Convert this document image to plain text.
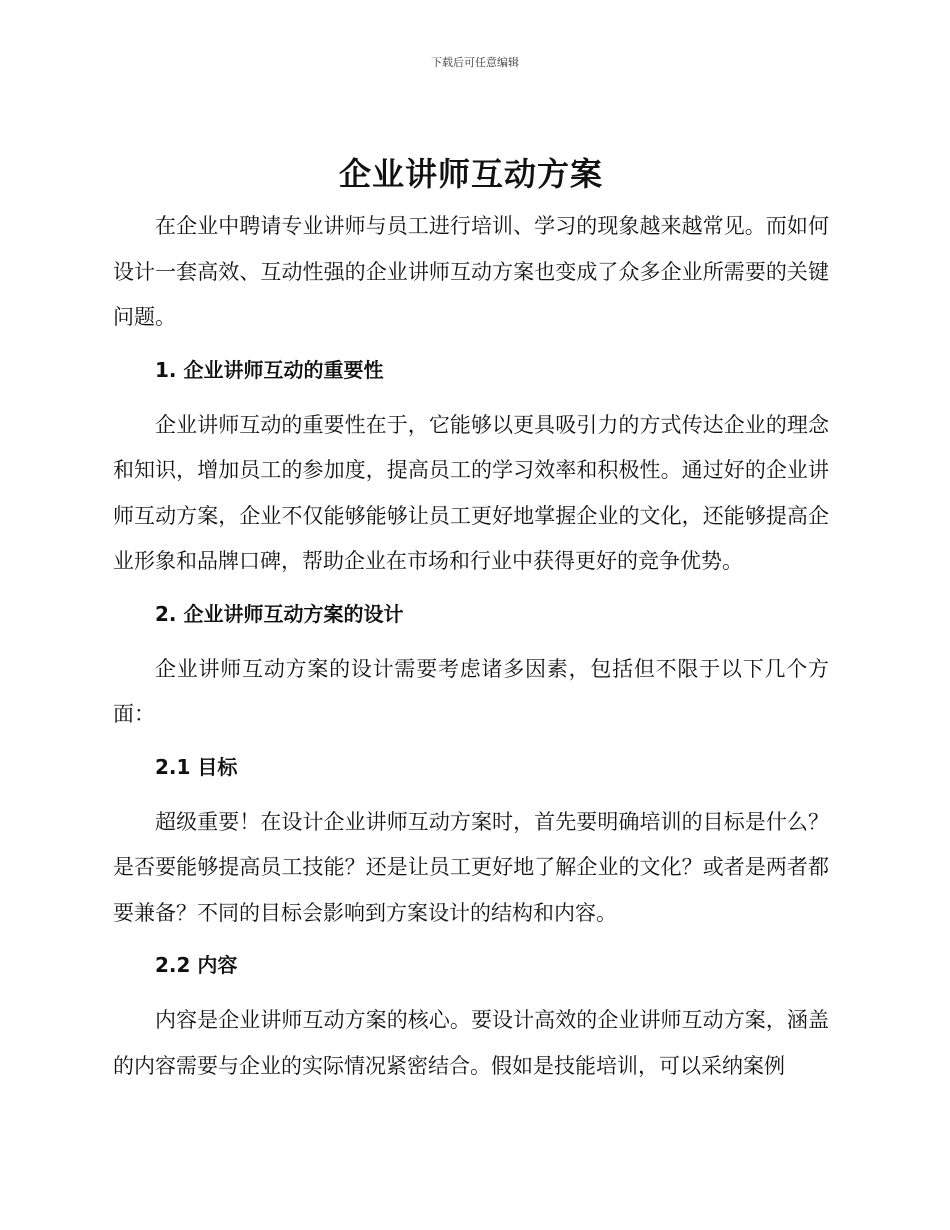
下载后可任意编辑
企业讲师互动方案

在企业中聘请专业讲师与员工进行培训、学习的现象越来越常见。而如何设计一套高效、互动性强的企业讲师互动方案也变成了众多企业所需要的关键问题。

1. 企业讲师互动的重要性

企业讲师互动的重要性在于，它能够以更具吸引力的方式传达企业的理念和知识，增加员工的参加度，提高员工的学习效率和积极性。通过好的企业讲师互动方案，企业不仅能够能够让员工更好地掌握企业的文化，还能够提高企业形象和品牌口碑，帮助企业在市场和行业中获得更好的竞争优势。

2. 企业讲师互动方案的设计

企业讲师互动方案的设计需要考虑诸多因素，包括但不限于以下几个方面：

2.1 目标

超级重要！在设计企业讲师互动方案时，首先要明确培训的目标是什么？是否要能够提高员工技能？还是让员工更好地了解企业的文化？或者是两者都要兼备？不同的目标会影响到方案设计的结构和内容。

2.2 内容

内容是企业讲师互动方案的核心。要设计高效的企业讲师互动方案，涵盖的内容需要与企业的实际情况紧密结合。假如是技能培训，可以采纳案例
